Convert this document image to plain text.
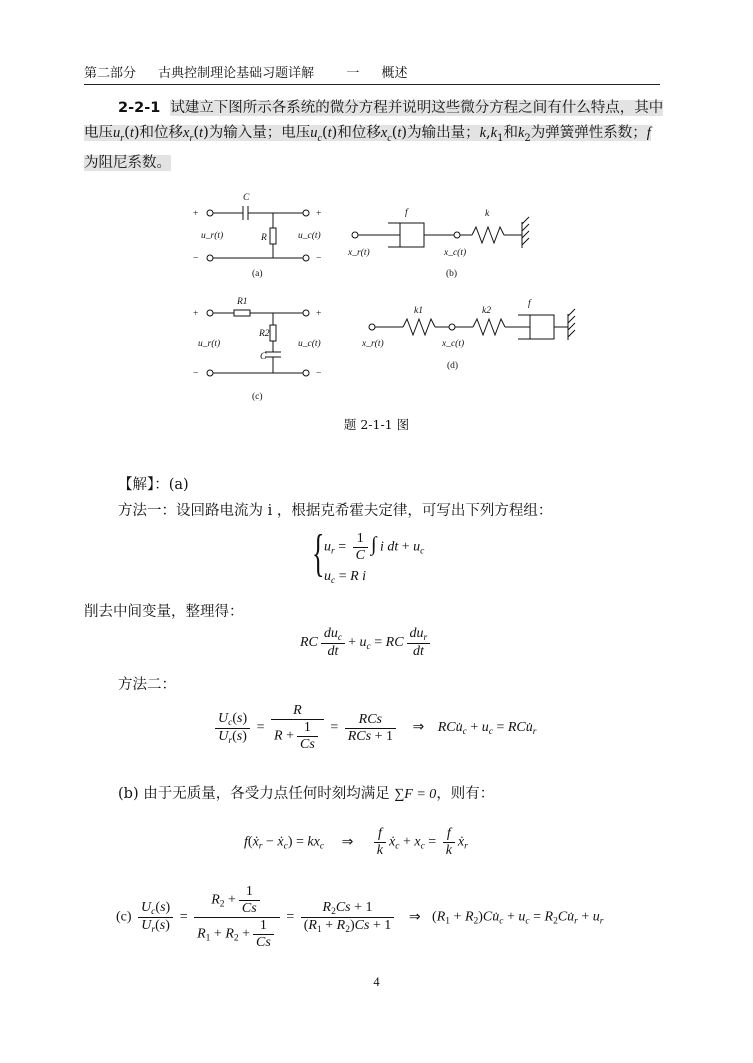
第二部分 古典控制理论基础习题详解 一 概述
2-2-1 试建立下图所示各系统的微分方程并说明这些微分方程之间有什么特点，其中电压$u_r(t)$和位移$x_r(t)$为输入量；电压$u_c(t)$和位移$x_c(t)$为输出量；$k,k_1$和$k_2$为弹簧弹性系数；f为阻尼系数。
+	+
−	−
C
R
u_r(t)	u_c(t)
(a)
f	k
x_r(t)	x_c(t)
(b)
+	+
−	−
R1
R2
C
u_r(t)	u_c(t)
(c)
k1	k2
f
x_r(t)	x_c(t)
(d)
题 2-1-1 图
【解】：(a)
方法一：设回路电流为 i ，根据克希霍夫定律，可写出下列方程组：
{ $u_r = \frac{1}{C}$ ∫ i dt + $u_c$
$u_c = R$ i
削去中间变量，整理得：
RC $\frac{du_c}{dt} + u_c$ = RC $\frac{du_r}{dt}$
方法二：
$\frac{U_c(s)}{U_r(s)} = \frac{R}{R + \frac{1}{Cs}} = \frac{\text{RCs}}{\text{RCs + 1}}$ ⇒ $RCu̇_c + u_c$ = $RCu̇_r$
(b) 由于无质量，各受力点任何时刻均满足 ∑F = 0，则有：
f(ẋ$_r$ − ẋ$_c$) = $kx_c$ ⇒ $\frac{f}{k}$ ẋ$_c$ + $x_c = \frac{f}{k}$ ẋ$_r$
$(c) \frac{U_c(s)}{U_r(s)} = \frac{R_2 + \frac{1}{Cs}}{R_1 + R_2 + \frac{1}{Cs}} = \frac{R_2Cs + 1}{(R_1 + R_2)Cs + 1}$ ⇒ ($R_1$ + $R_2)Cu̇_c + u_c$ = $R_2Cu̇_r + u_r$
4
